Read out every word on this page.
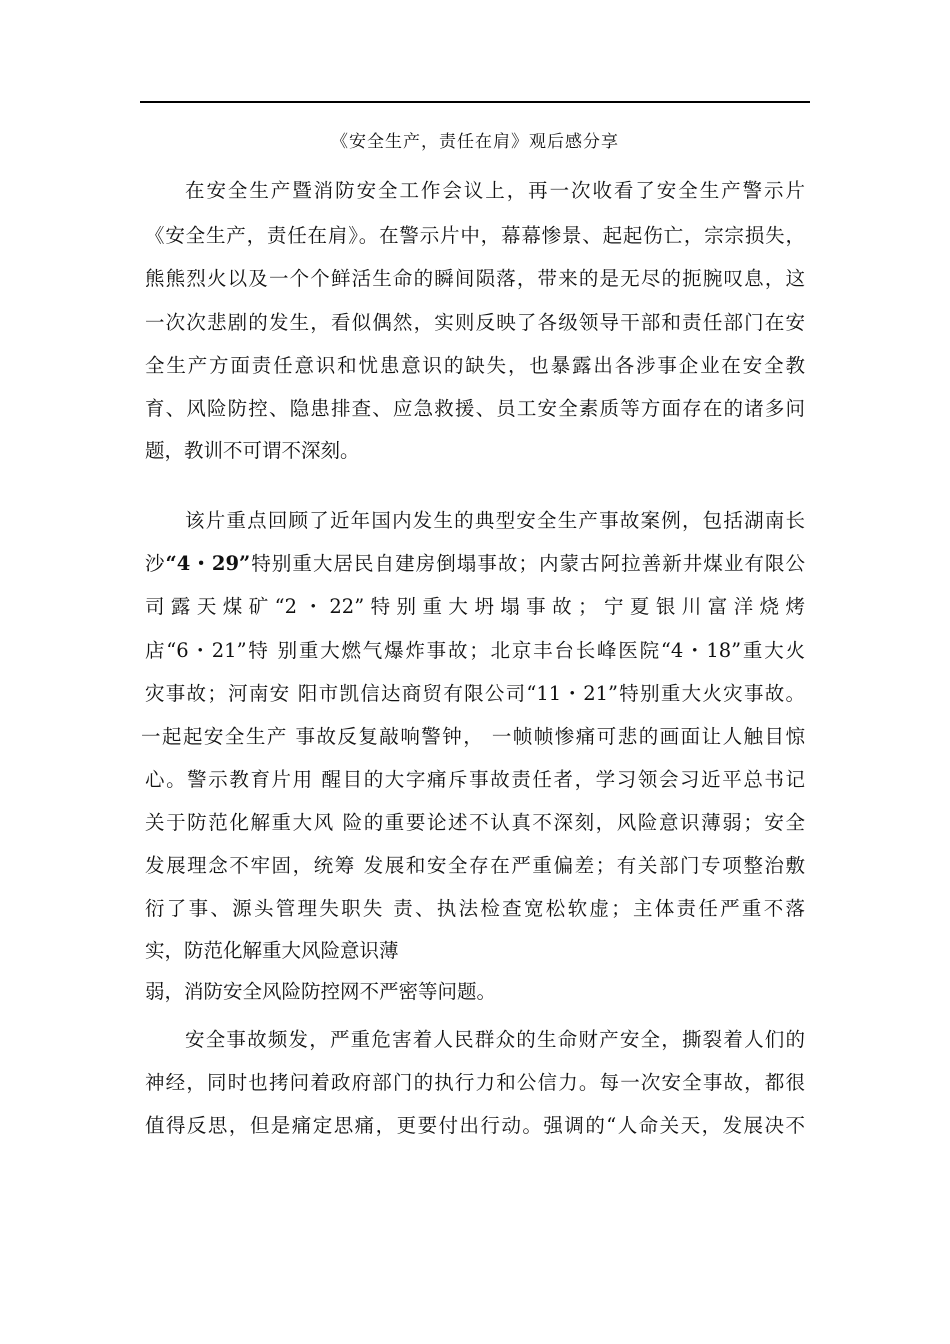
《安全生产，责任在肩》观后感分享
在安全生产暨消防安全工作会议上，再一次收看了安全生产警示片
《安全生产，责任在肩》。在警示片中，幕幕惨景、起起伤亡，宗宗损失，
熊熊烈火以及一个个鲜活生命的瞬间陨落，带来的是无尽的扼腕叹息，这
一次次悲剧的发生，看似偶然，实则反映了各级领导干部和责任部门在安
全生产方面责任意识和忧患意识的缺失，也暴露出各涉事企业在安全教
育、风险防控、隐患排查、应急救援、员工安全素质等方面存在的诸多问
题，教训不可谓不深刻。
该片重点回顾了近年国内发生的典型安全生产事故案例，包括湖南长
沙“4・29”特别重大居民自建房倒塌事故；内蒙古阿拉善新井煤业有限公
司露天煤矿“2・22”特别重大坍塌事故；宁夏银川富洋烧烤
店“6・21”特 别重大燃气爆炸事故；北京丰台长峰医院“4・18”重大火
灾事故；河南安 阳市凯信达商贸有限公司“11・21”特别重大火灾事故。
一起起安全生产 事故反复敲响警钟， 一帧帧惨痛可悲的画面让人触目惊
心。警示教育片用 醒目的大字痛斥事故责任者，学习领会习近平总书记
关于防范化解重大风 险的重要论述不认真不深刻，风险意识薄弱；安全
发展理念不牢固，统筹 发展和安全存在严重偏差；有关部门专项整治敷
衍了事、源头管理失职失 责、执法检查宽松软虚；主体责任严重不落
实，防范化解重大风险意识薄
弱，消防安全风险防控网不严密等问题。
安全事故频发，严重危害着人民群众的生命财产安全，撕裂着人们的
神经，同时也拷问着政府部门的执行力和公信力。每一次安全事故，都很
值得反思，但是痛定思痛，更要付出行动。强调的“人命关天，发展决不
